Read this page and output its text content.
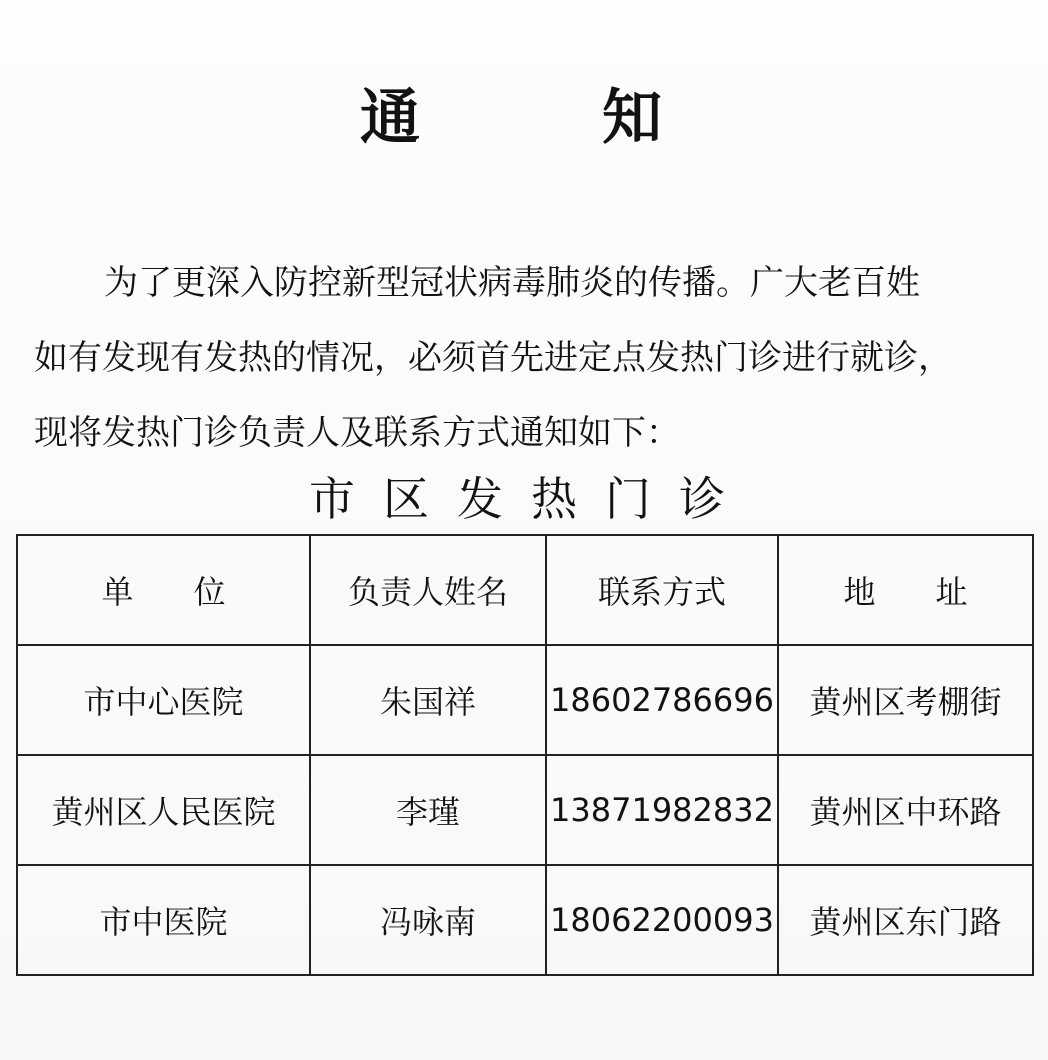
通	知

为了更深入防控新型冠状病毒肺炎的传播。广大老百姓
如有发现有发热的情况，必须首先进定点发热门诊进行就诊，
现将发热门诊负责人及联系方式通知如下：

市区发热门诊
单位	负责人姓名	联系方式	地址
市中心医院	朱国祥	18602786696	黄州区考棚街
黄州区人民医院	李瑾	13871982832	黄州区中环路
市中医院	冯咏南	18062200093	黄州区东门路
